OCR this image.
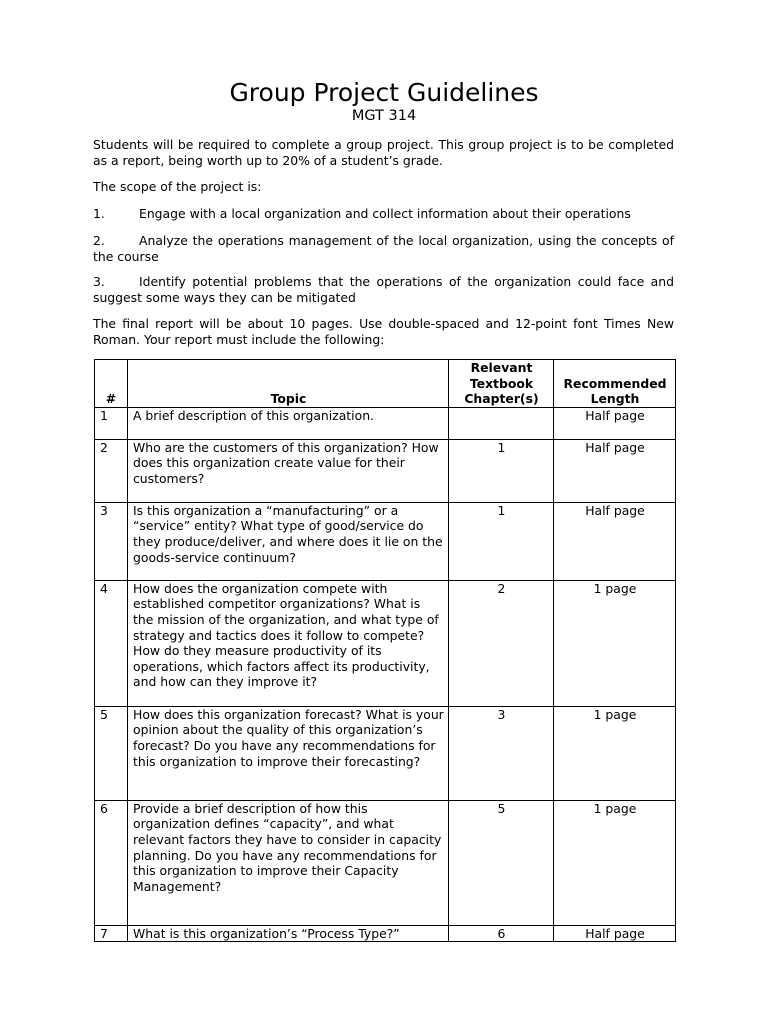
Group Project Guidelines
MGT 314

Students will be required to complete a group project. This group project is to be completed as a report, being worth up to 20% of a student’s grade.

The scope of the project is:

1.	Engage with a local organization and collect information about their operations

2.	Analyze the operations management of the local organization, using the concepts of the course

3.	Identify potential problems that the operations of the organization could face and suggest some ways they can be mitigated

The final report will be about 10 pages. Use double-spaced and 12-point font Times New Roman. Your report must include the following:

#	Topic	Relevant Textbook Chapter(s)	Recommended Length
1	A brief description of this organization.		Half page
2	Who are the customers of this organization? How does this organization create value for their customers?	1	Half page
3	Is this organization a “manufacturing” or a “service” entity? What type of good/service do they produce/deliver, and where does it lie on the goods-service continuum?	1	Half page
4	How does the organization compete with established competitor organizations? What is the mission of the organization, and what type of strategy and tactics does it follow to compete? How do they measure productivity of its operations, which factors affect its productivity, and how can they improve it?	2	1 page
5	How does this organization forecast? What is your opinion about the quality of this organization’s forecast? Do you have any recommendations for this organization to improve their forecasting?	3	1 page
6	Provide a brief description of how this organization defines “capacity”, and what relevant factors they have to consider in capacity planning. Do you have any recommendations for this organization to improve their Capacity Management?	5	1 page
7	What is this organization’s “Process Type?”	6	Half page
